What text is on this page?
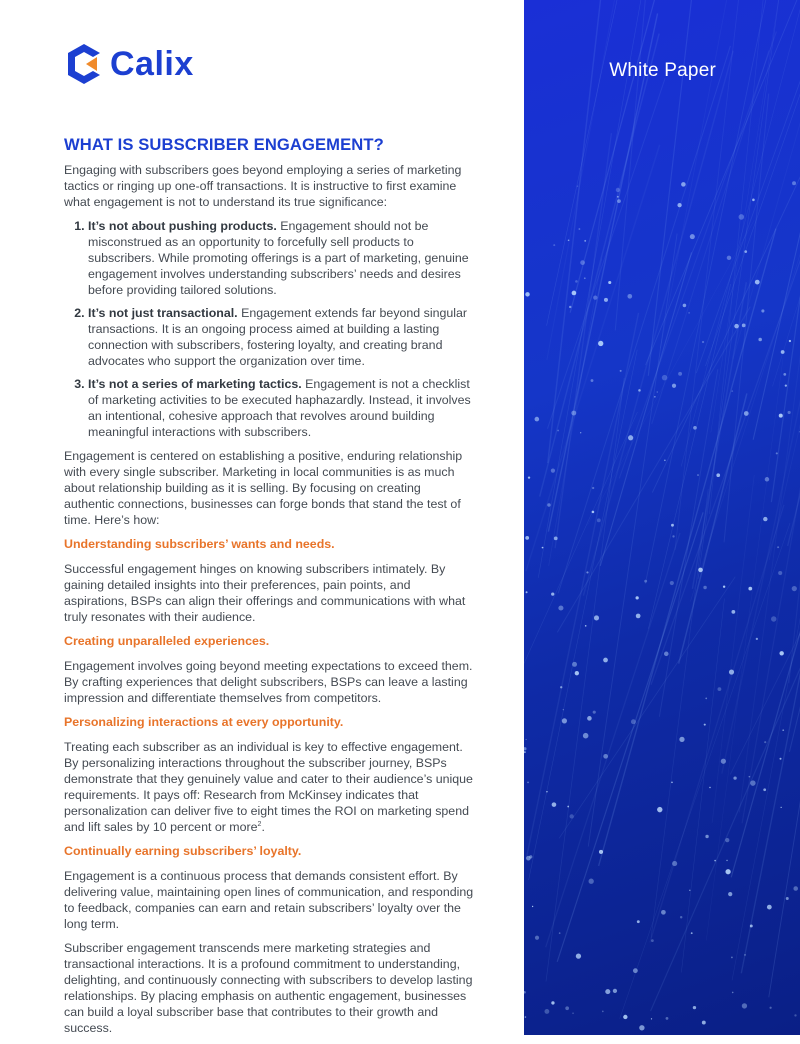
Calix	White Paper
WHAT IS SUBSCRIBER ENGAGEMENT?

Engaging with subscribers goes beyond employing a series of marketing tactics or ringing up one-off transactions. It is instructive to first examine what engagement is not to understand its true significance:

1. It’s not about pushing products. Engagement should not be misconstrued as an opportunity to forcefully sell products to subscribers. While promoting offerings is a part of marketing, genuine engagement involves understanding subscribers’ needs and desires before providing tailored solutions.
2. It’s not just transactional. Engagement extends far beyond singular transactions. It is an ongoing process aimed at building a lasting connection with subscribers, fostering loyalty, and creating brand advocates who support the organization over time.
3. It’s not a series of marketing tactics. Engagement is not a checklist of marketing activities to be executed haphazardly. Instead, it involves an intentional, cohesive approach that revolves around building meaningful interactions with subscribers.

Engagement is centered on establishing a positive, enduring relationship with every single subscriber. Marketing in local communities is as much about relationship building as it is selling. By focusing on creating authentic connections, businesses can forge bonds that stand the test of time. Here’s how:

Understanding subscribers’ wants and needs.

Successful engagement hinges on knowing subscribers intimately. By gaining detailed insights into their preferences, pain points, and aspirations, BSPs can align their offerings and communications with what truly resonates with their audience.

Creating unparalleled experiences.

Engagement involves going beyond meeting expectations to exceed them. By crafting experiences that delight subscribers, BSPs can leave a lasting impression and differentiate themselves from competitors.

Personalizing interactions at every opportunity.

Treating each subscriber as an individual is key to effective engagement. By personalizing interactions throughout the subscriber journey, BSPs demonstrate that they genuinely value and cater to their audience’s unique requirements. It pays off: Research from McKinsey indicates that personalization can deliver five to eight times the ROI on marketing spend and lift sales by 10 percent or more$^2$.

Continually earning subscribers’ loyalty.

Engagement is a continuous process that demands consistent effort. By delivering value, maintaining open lines of communication, and responding to feedback, companies can earn and retain subscribers’ loyalty over the long term.

Subscriber engagement transcends mere marketing strategies and transactional interactions. It is a profound commitment to understanding, delighting, and continuously connecting with subscribers to develop lasting relationships. By placing emphasis on authentic engagement, businesses can build a loyal subscriber base that contributes to their growth and success.
